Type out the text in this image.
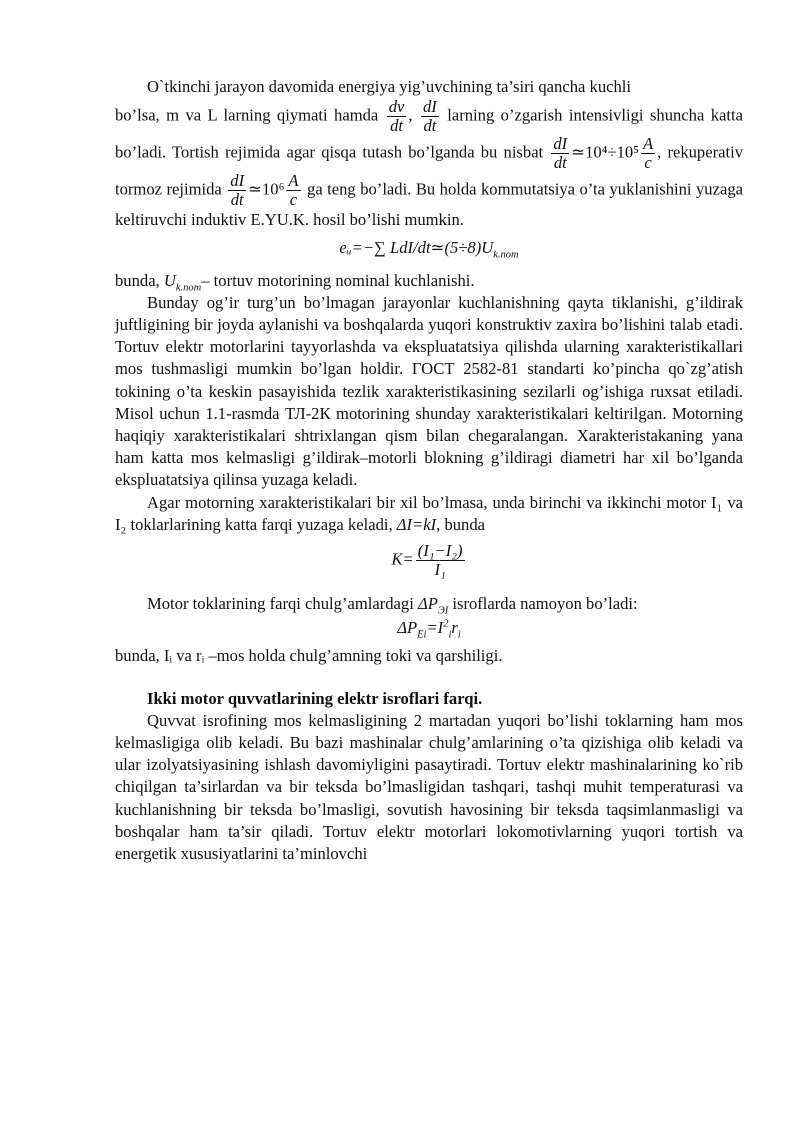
O`tkinchi jarayon davomida energiya yig’uvchining ta’siri qancha kuchli

bo’lsa, m va L larning qiymati hamda $\frac{dv}{dt}$ , $\frac{dI}{dt}$ larning o’zgarish intensivligi shuncha katta bo’ladi. Tortish rejimida agar qisqa tutash bo’lganda bu nisbat $\frac{dI}{dt}$ ≃10⁴÷10⁵ $\frac{A}{c}$ , rekuperativ tormoz rejimida $\frac{dI}{dt}$ ≃10⁶ $\frac{A}{c}$ ga teng bo’ladi. Bu holda kommutatsiya o’ta yuklanishini yuzaga keltiruvchi induktiv E.YU.K. hosil bo’lishi mumkin.

eᵤ=−∑ LdI/$dt≃(5\div 8)U_{k.nom}$

bunda, $U_{k.nom}-$ tortuv motorining nominal kuchlanishi.

Bunday og’ir turg’un bo’lmagan jarayonlar kuchlanishning qayta tiklanishi, g’ildirak juftligining bir joyda aylanishi va boshqalarda yuqori konstruktiv zaxira bo’lishini talab etadi. Tortuv elektr motorlarini tayyorlashda va ekspluatatsiya qilishda ularning xarakteristikallari mos tushmasligi mumkin bo’lgan holdir. ГОСТ 2582-81 standarti ko’pincha qo`zg’atish tokining o’ta keskin pasayishida tezlik xarakteristikasining sezilarli og’ishiga ruxsat etiladi. Misol uchun 1.1-rasmda ТЛ-2К motorining shunday xarakteristikalari keltirilgan. Motorning haqiqiy xarakteristikalari shtrixlangan qism bilan chegaralangan. Xarakteristakaning yana ham katta mos kelmasligi g’ildirak–motorli blokning g’ildiragi diametri har xil bo’lganda ekspluatatsiya qilinsa yuzaga keladi.

Agar motorning xarakteristikalari bir xil bo’lmasa, unda birinchi va ikkinchi motor I₁ va I₂ toklarlarining katta farqi yuzaga keladi, ΔI=kI, bunda

$K= \frac{\text{(I₁−I₂)}}{\text{I₁}}$

Motor toklarining farqi chulg’amlardagi $\Delta P_{ЭI}$ isroflarda namoyon bo’ladi:

$\Delta P_{Ei}=I^2_ir_i$

bunda, Iᵢ va rᵢ –mos holda chulg’amning toki va qarshiligi.

Ikki motor quvvatlarining elektr isroflari farqi.

Quvvat isrofining mos kelmasligining 2 martadan yuqori bo’lishi toklarning ham mos kelmasligiga olib keladi. Bu bazi mashinalar chulg’amlarining o’ta qizishiga olib keladi va ular izolyatsiyasining ishlash davomiyligini pasaytiradi. Tortuv elektr mashinalarining ko`rib chiqilgan ta’sirlardan va bir teksda bo’lmasligidan tashqari, tashqi muhit temperaturasi va kuchlanishning bir teksda bo’lmasligi, sovutish havosining bir teksda taqsimlanmasligi va boshqalar ham ta’sir qiladi. Tortuv elektr motorlari lokomotivlarning yuqori tortish va energetik xususiyatlarini ta’minlovchi
